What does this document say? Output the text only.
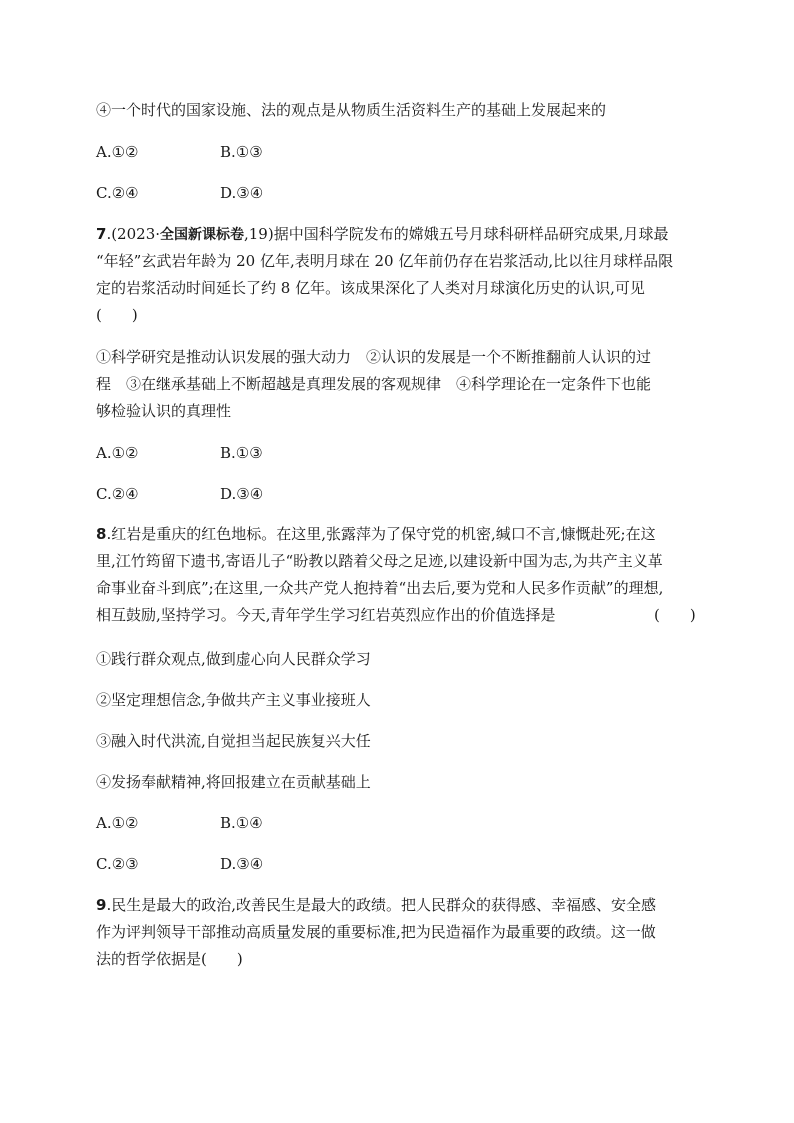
④一个时代的国家设施、法的观点是从物质生活资料生产的基础上发展起来的
A.①②	B.①③
C.②④	D.③④
7.(2023·全国新课标卷,19)据中国科学院发布的嫦娥五号月球科研样品研究成果,月球最
“年轻”玄武岩年龄为 20 亿年,表明月球在 20 亿年前仍存在岩浆活动,比以往月球样品限
定的岩浆活动时间延长了约 8 亿年。该成果深化了人类对月球演化历史的认识,可见
(　　)
①科学研究是推动认识发展的强大动力　②认识的发展是一个不断推翻前人认识的过
程　③在继承基础上不断超越是真理发展的客观规律　④科学理论在一定条件下也能
够检验认识的真理性
A.①②	B.①③
C.②④	D.③④
8.红岩是重庆的红色地标。在这里,张露萍为了保守党的机密,缄口不言,慷慨赴死;在这
里,江竹筠留下遗书,寄语儿子“盼教以踏着父母之足迹,以建设新中国为志,为共产主义革
命事业奋斗到底”;在这里,一众共产党人抱持着“出去后,要为党和人民多作贡献”的理想,
相互鼓励,坚持学习。今天,青年学生学习红岩英烈应作出的价值选择是	(　　)
①践行群众观点,做到虚心向人民群众学习
②坚定理想信念,争做共产主义事业接班人
③融入时代洪流,自觉担当起民族复兴大任
④发扬奉献精神,将回报建立在贡献基础上
A.①②	B.①④
C.②③	D.③④
9.民生是最大的政治,改善民生是最大的政绩。把人民群众的获得感、幸福感、安全感
作为评判领导干部推动高质量发展的重要标准,把为民造福作为最重要的政绩。这一做
法的哲学依据是(　　)
